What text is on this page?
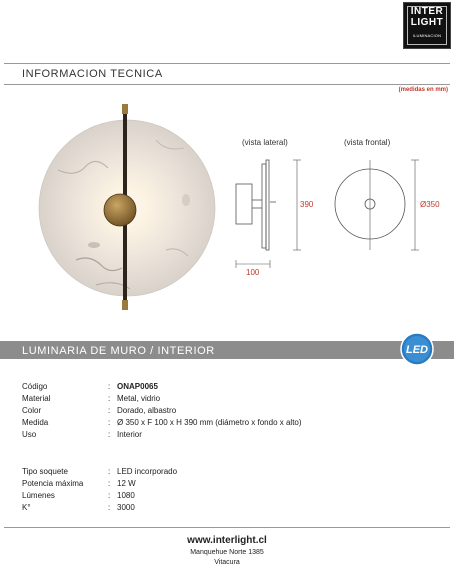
INTER
LIGHT
ILUMINACION
INFORMACION TECNICA
(medidas en mm)
(vista lateral)	(vista frontal)
390
100
Ø350
LUMINARIA DE MURO / INTERIOR	LED
Código	: ONAP0065
Material	: Metal, vidrio
Color	: Dorado, albastro
Medida	: Ø 350 x F 100 x H 390 mm (diámetro x fondo x alto)
Uso	: Interior
Tipo soquete	: LED incorporado
Potencia máxima	: 12 W
Lúmenes	: 1080
K°	: 3000
www.interlight.cl
Manquehue Norte 1385
Vitacura
